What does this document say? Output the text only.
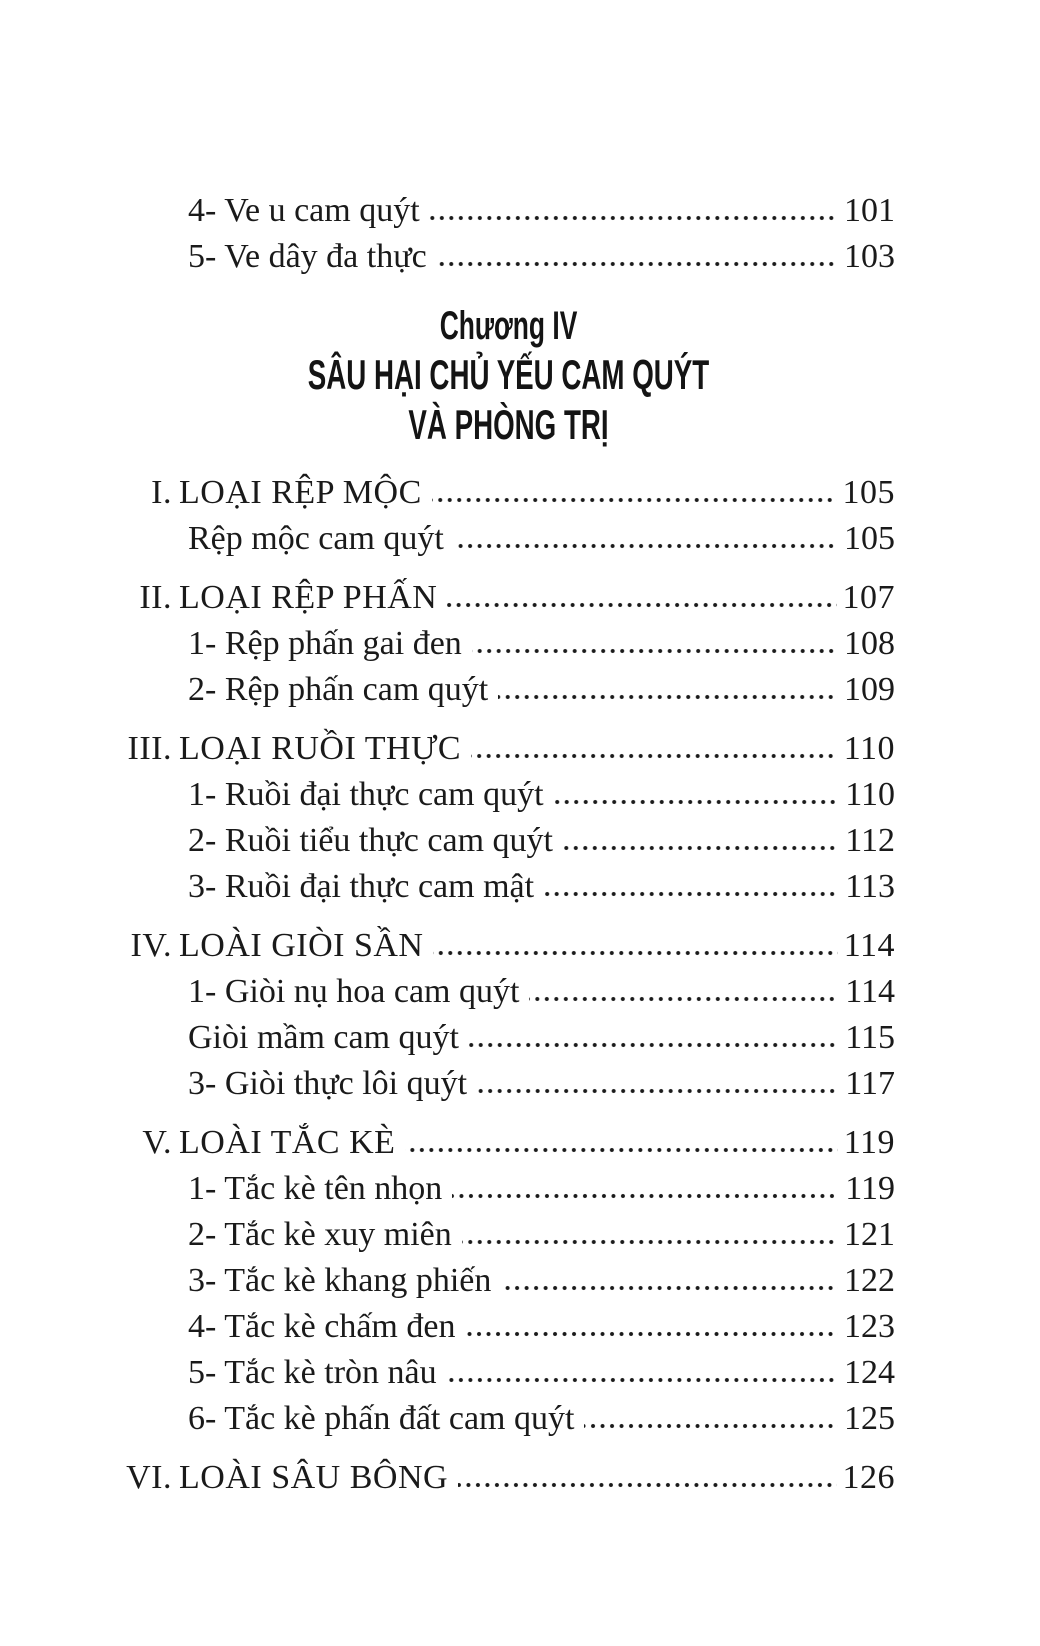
4- Ve u cam quýt	101
5- Ve dây đa thực	103
Chương IV
SÂU HẠI CHỦ YẾU CAM QUÝT
VÀ PHÒNG TRỊ
I. LOẠI RỆP MỘC	105
Rệp mộc cam quýt	105
II. LOẠI RỆP PHẤN	107
1- Rệp phấn gai đen	108
2- Rệp phấn cam quýt	109
III. LOẠI RUỒI THỰC	110
1- Ruồi đại thực cam quýt	110
2- Ruồi tiểu thực cam quýt	112
3- Ruồi đại thực cam mật	113
IV. LOÀI GIÒI SẦN	114
1- Giòi nụ hoa cam quýt	114
Giòi mầm cam quýt	115
3- Giòi thực lôi quýt	117
V. LOÀI TẮC KÈ	119
1- Tắc kè tên nhọn	119
2- Tắc kè xuy miên	121
3- Tắc kè khang phiến	122
4- Tắc kè chấm đen	123
5- Tắc kè tròn nâu	124
6- Tắc kè phấn đất cam quýt	125
VI. LOÀI SÂU BÔNG	126
